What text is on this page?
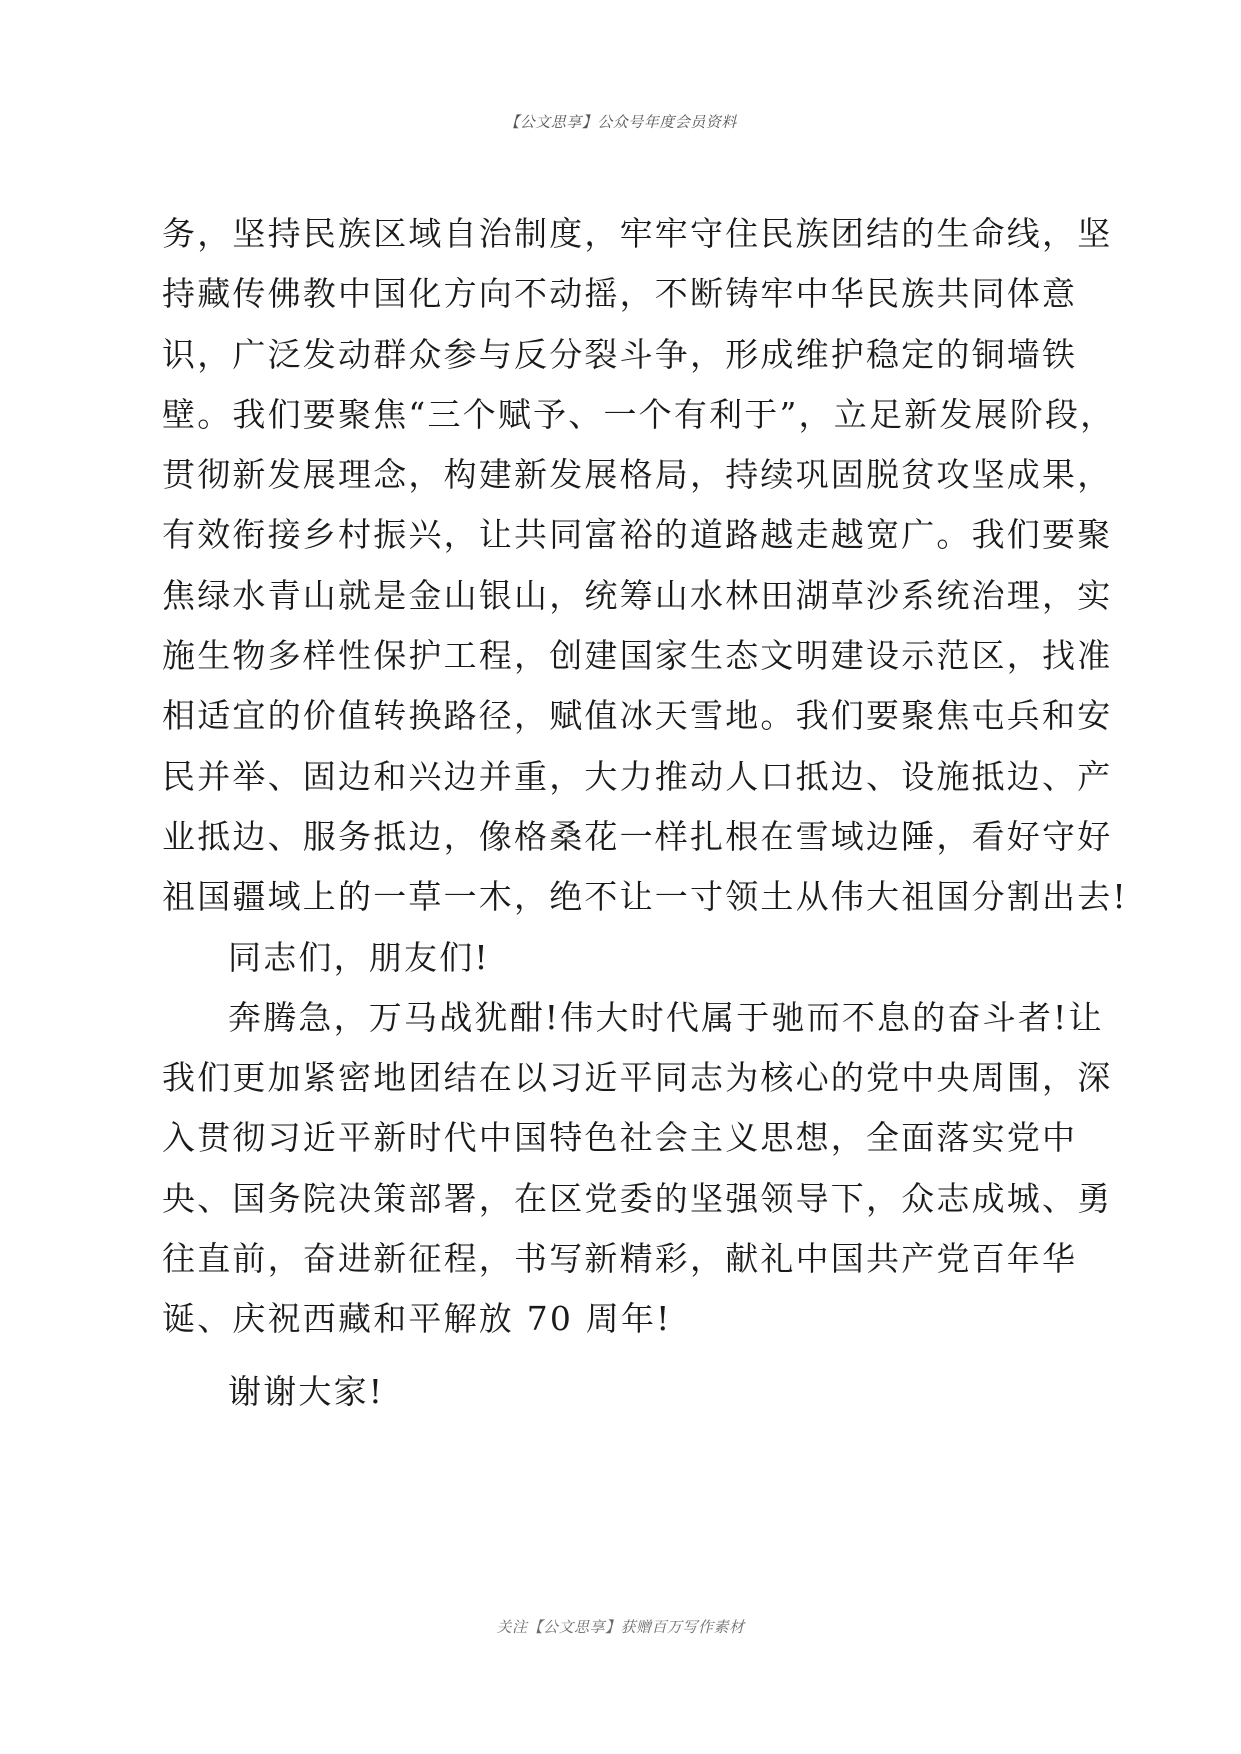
【公文思享】公众号年度会员资料
务，坚持民族区域自治制度，牢牢守住民族团结的生命线，坚
持藏传佛教中国化方向不动摇，不断铸牢中华民族共同体意
识，广泛发动群众参与反分裂斗争，形成维护稳定的铜墙铁
壁。我们要聚焦“三个赋予、一个有利于”，立足新发展阶段，
贯彻新发展理念，构建新发展格局，持续巩固脱贫攻坚成果，
有效衔接乡村振兴，让共同富裕的道路越走越宽广。我们要聚
焦绿水青山就是金山银山，统筹山水林田湖草沙系统治理，实
施生物多样性保护工程，创建国家生态文明建设示范区，找准
相适宜的价值转换路径，赋值冰天雪地。我们要聚焦屯兵和安
民并举、固边和兴边并重，大力推动人口抵边、设施抵边、产
业抵边、服务抵边，像格桑花一样扎根在雪域边陲，看好守好
祖国疆域上的一草一木，绝不让一寸领土从伟大祖国分割出去!
同志们，朋友们!
奔腾急，万马战犹酣!伟大时代属于驰而不息的奋斗者!让
我们更加紧密地团结在以习近平同志为核心的党中央周围，深
入贯彻习近平新时代中国特色社会主义思想，全面落实党中
央、国务院决策部署，在区党委的坚强领导下，众志成城、勇
往直前，奋进新征程，书写新精彩，献礼中国共产党百年华
诞、庆祝西藏和平解放 70 周年!
谢谢大家!
关注【公文思享】获赠百万写作素材
